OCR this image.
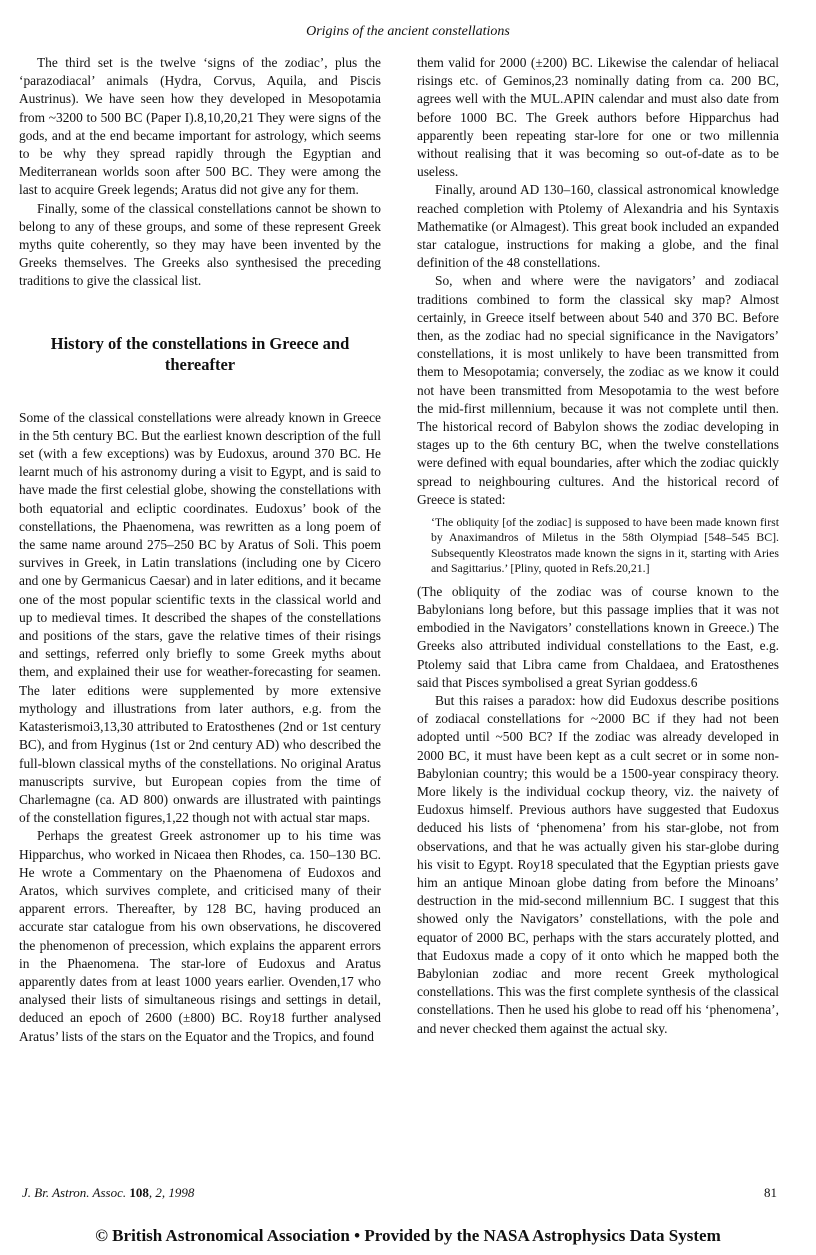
Origins of the ancient constellations

The third set is the twelve ‘signs of the zodiac’, plus the ‘parazodiacal’ animals (Hydra, Corvus, Aquila, and Piscis Austrinus). We have seen how they developed in Mesopotamia from ~3200 to 500 BC (Paper I).8,10,20,21 They were signs of the gods, and at the end became important for astrology, which seems to be why they spread rapidly through the Egyptian and Mediterranean worlds soon after 500 BC. They were among the last to acquire Greek legends; Aratus did not give any for them.

Finally, some of the classical constellations cannot be shown to belong to any of these groups, and some of these represent Greek myths quite coherently, so they may have been invented by the Greeks themselves. The Greeks also synthesised the preceding traditions to give the classical list.

History of the constellations in Greece and thereafter

Some of the classical constellations were already known in Greece in the 5th century BC. But the earliest known description of the full set (with a few exceptions) was by Eudoxus, around 370 BC. He learnt much of his astronomy during a visit to Egypt, and is said to have made the first celestial globe, showing the constellations with both equatorial and ecliptic coordinates. Eudoxus’ book of the constellations, the Phaenomena, was rewritten as a long poem of the same name around 275–250 BC by Aratus of Soli. This poem survives in Greek, in Latin translations (including one by Cicero and one by Germanicus Caesar) and in later editions, and it became one of the most popular scientific texts in the classical world and up to medieval times. It described the shapes of the constellations and positions of the stars, gave the relative times of their risings and settings, referred only briefly to some Greek myths about them, and explained their use for weather-forecasting for seamen. The later editions were supplemented by more extensive mythology and illustrations from later authors, e.g. from the Katasterismoi3,13,30 attributed to Eratosthenes (2nd or 1st century BC), and from Hyginus (1st or 2nd century AD) who described the full-blown classical myths of the constellations. No original Aratus manuscripts survive, but European copies from the time of Charlemagne (ca. AD 800) onwards are illustrated with paintings of the constellation figures,1,22 though not with actual star maps.

Perhaps the greatest Greek astronomer up to his time was Hipparchus, who worked in Nicaea then Rhodes, ca. 150–130 BC. He wrote a Commentary on the Phaenomena of Eudoxos and Aratos, which survives complete, and criticised many of their apparent errors. Thereafter, by 128 BC, having produced an accurate star catalogue from his own observations, he discovered the phenomenon of precession, which explains the apparent errors in the Phaenomena. The star-lore of Eudoxus and Aratus apparently dates from at least 1000 years earlier. Ovenden,17 who analysed their lists of simultaneous risings and settings in detail, deduced an epoch of 2600 (±800) BC. Roy18 further analysed Aratus’ lists of the stars on the Equator and the Tropics, and found

them valid for 2000 (±200) BC. Likewise the calendar of heliacal risings etc. of Geminos,23 nominally dating from ca. 200 BC, agrees well with the MUL.APIN calendar and must also date from before 1000 BC. The Greek authors before Hipparchus had apparently been repeating star-lore for one or two millennia without realising that it was becoming so out-of-date as to be useless.

Finally, around AD 130–160, classical astronomical knowledge reached completion with Ptolemy of Alexandria and his Syntaxis Mathematike (or Almagest). This great book included an expanded star catalogue, instructions for making a globe, and the final definition of the 48 constellations.

So, when and where were the navigators’ and zodiacal traditions combined to form the classical sky map? Almost certainly, in Greece itself between about 540 and 370 BC. Before then, as the zodiac had no special significance in the Navigators’ constellations, it is most unlikely to have been transmitted from them to Mesopotamia; conversely, the zodiac as we know it could not have been transmitted from Mesopotamia to the west before the mid-first millennium, because it was not complete until then. The historical record of Babylon shows the zodiac developing in stages up to the 6th century BC, when the twelve constellations were defined with equal boundaries, after which the zodiac quickly spread to neighbouring cultures. And the historical record of Greece is stated:

‘The obliquity [of the zodiac] is supposed to have been made known first by Anaximandros of Miletus in the 58th Olympiad [548–545 BC]. Subsequently Kleostratos made known the signs in it, starting with Aries and Sagittarius.’ [Pliny, quoted in Refs.20,21.]

(The obliquity of the zodiac was of course known to the Babylonians long before, but this passage implies that it was not embodied in the Navigators’ constellations known in Greece.) The Greeks also attributed individual constellations to the East, e.g. Ptolemy said that Libra came from Chaldaea, and Eratosthenes said that Pisces symbolised a great Syrian goddess.6

But this raises a paradox: how did Eudoxus describe positions of zodiacal constellations for ~2000 BC if they had not been adopted until ~500 BC? If the zodiac was already developed in 2000 BC, it must have been kept as a cult secret or in some non-Babylonian country; this would be a 1500-year conspiracy theory. More likely is the individual cockup theory, viz. the naivety of Eudoxus himself. Previous authors have suggested that Eudoxus deduced his lists of ‘phenomena’ from his star-globe, not from observations, and that he was actually given his star-globe during his visit to Egypt. Roy18 speculated that the Egyptian priests gave him an antique Minoan globe dating from before the Minoans’ destruction in the mid-second millennium BC. I suggest that this showed only the Navigators’ constellations, with the pole and equator of 2000 BC, perhaps with the stars accurately plotted, and that Eudoxus made a copy of it onto which he mapped both the Babylonian zodiac and more recent Greek mythological constellations. This was the first complete synthesis of the classical constellations. Then he used his globe to read off his ‘phenomena’, and never checked them against the actual sky.

J. Br. Astron. Assoc. 108, 2, 1998	81
© British Astronomical Association • Provided by the NASA Astrophysics Data System
